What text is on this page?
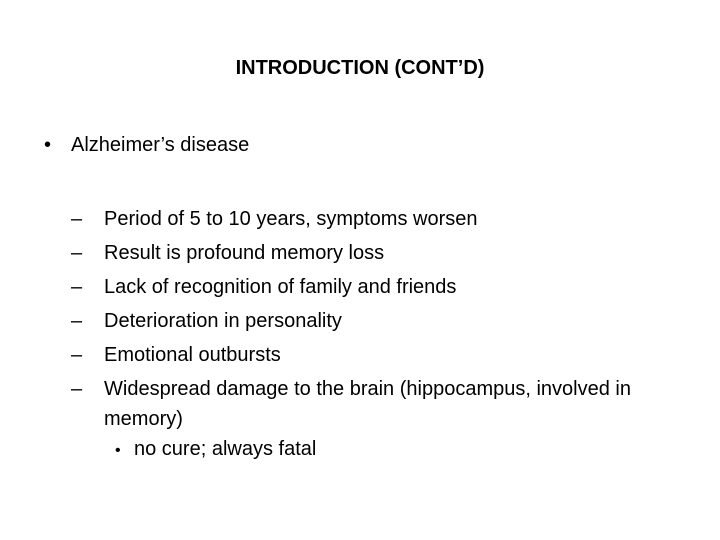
INTRODUCTION (CONT’D)
• Alzheimer’s disease
– Period of 5 to 10 years, symptoms worsen
– Result is profound memory loss
– Lack of recognition of family and friends
– Deterioration in personality
– Emotional outbursts
– Widespread damage to the brain (hippocampus, involved in memory)
• no cure; always fatal
